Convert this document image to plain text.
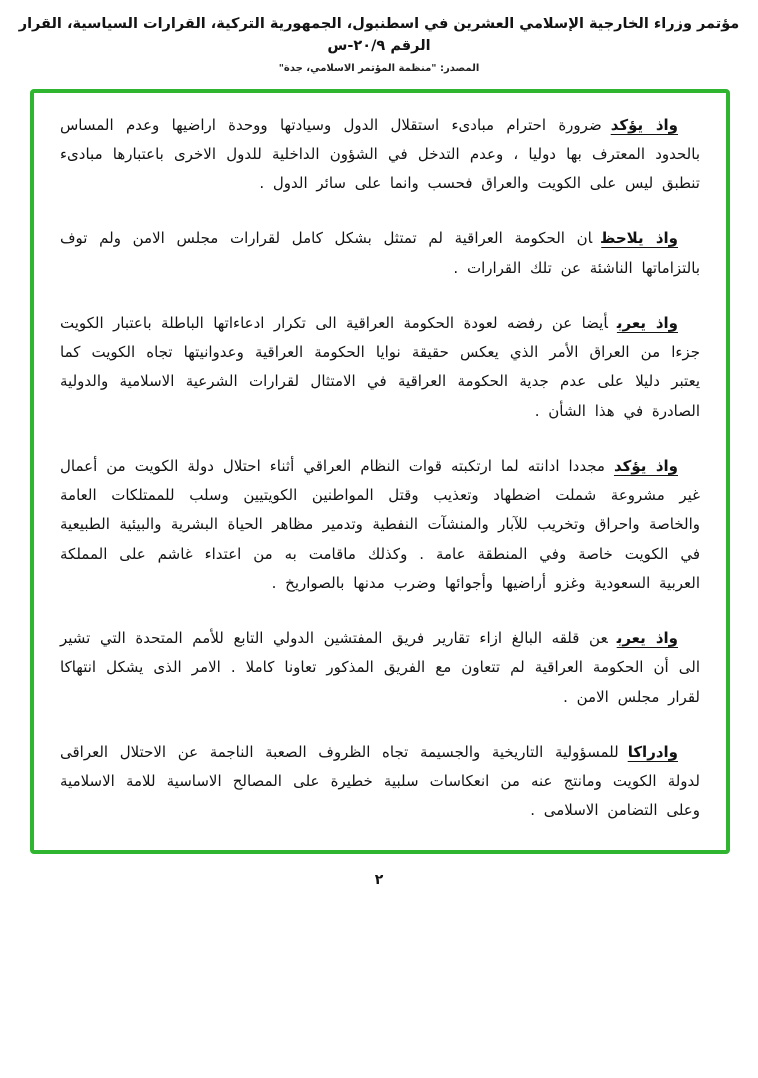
مؤتمر وزراء الخارجية الإسلامي العشرين في اسطنبول، الجمهورية التركية، القرارات السياسية، القرار الرقم ٢٠/٩-س
المصدر: "منظمة المؤتمر الاسلامي، جدة"

واذ يؤكدضرورة احترام مبادىء استقلال الدول وسيادتها ووحدة اراضيها وعدم المساس بالحدود المعترف بها دوليا ، وعدم التدخل في الشؤون الداخلية للدول الاخرى باعتبارها مبادىء تنطبق ليس على الكويت والعراق فحسب وانما على سائر الدول .

واذ يلاحظان الحكومة العراقية لم تمتثل بشكل كامل لقرارات مجلس الامن ولم توف بالتزاماتها الناشئة عن تلك القرارات .

واذ يعربأيضا عن رفضه لعودة الحكومة العراقية الى تكرار ادعاءاتها الباطلة باعتبار الكويت جزءا من العراق الأمر الذي يعكس حقيقة نوايا الحكومة العراقية وعدوانيتها تجاه الكويت كما يعتبر دليلا على عدم جدية الحكومة العراقية في الامتثال لقرارات الشرعية الاسلامية والدولية الصادرة في هذا الشأن .

واذ يؤكدمجددا ادانته لما ارتكبته قوات النظام العراقي أثناء احتلال دولة الكويت من أعمال غير مشروعة شملت اضطهاد وتعذيب وقتل المواطنين الكويتيين وسلب للممتلكات العامة والخاصة واحراق وتخريب للآبار والمنشآت النفطية وتدمير مظاهر الحياة البشرية والبيئية الطبيعية في الكويت خاصة وفي المنطقة عامة . وكذلك ماقامت به من اعتداء غاشم على المملكة العربية السعودية وغزو أراضيها وأجوائها وضرب مدنها بالصواريخ .

واذ يعربعن قلقه البالغ ازاء تقارير فريق المفتشين الدولي التابع للأمم المتحدة التي تشير الى أن الحكومة العراقية لم تتعاون مع الفريق المذكور تعاونا كاملا . الامر الذى يشكل انتهاكا لقرار مجلس الامن .

وادراكاللمسؤولية التاريخية والجسيمة تجاه الظروف الصعبة الناجمة عن الاحتلال العراقى لدولة الكويت ومانتج عنه من انعكاسات سلبية خطيرة على المصالح الاساسية للامة الاسلامية وعلى التضامن الاسلامى .

٢
